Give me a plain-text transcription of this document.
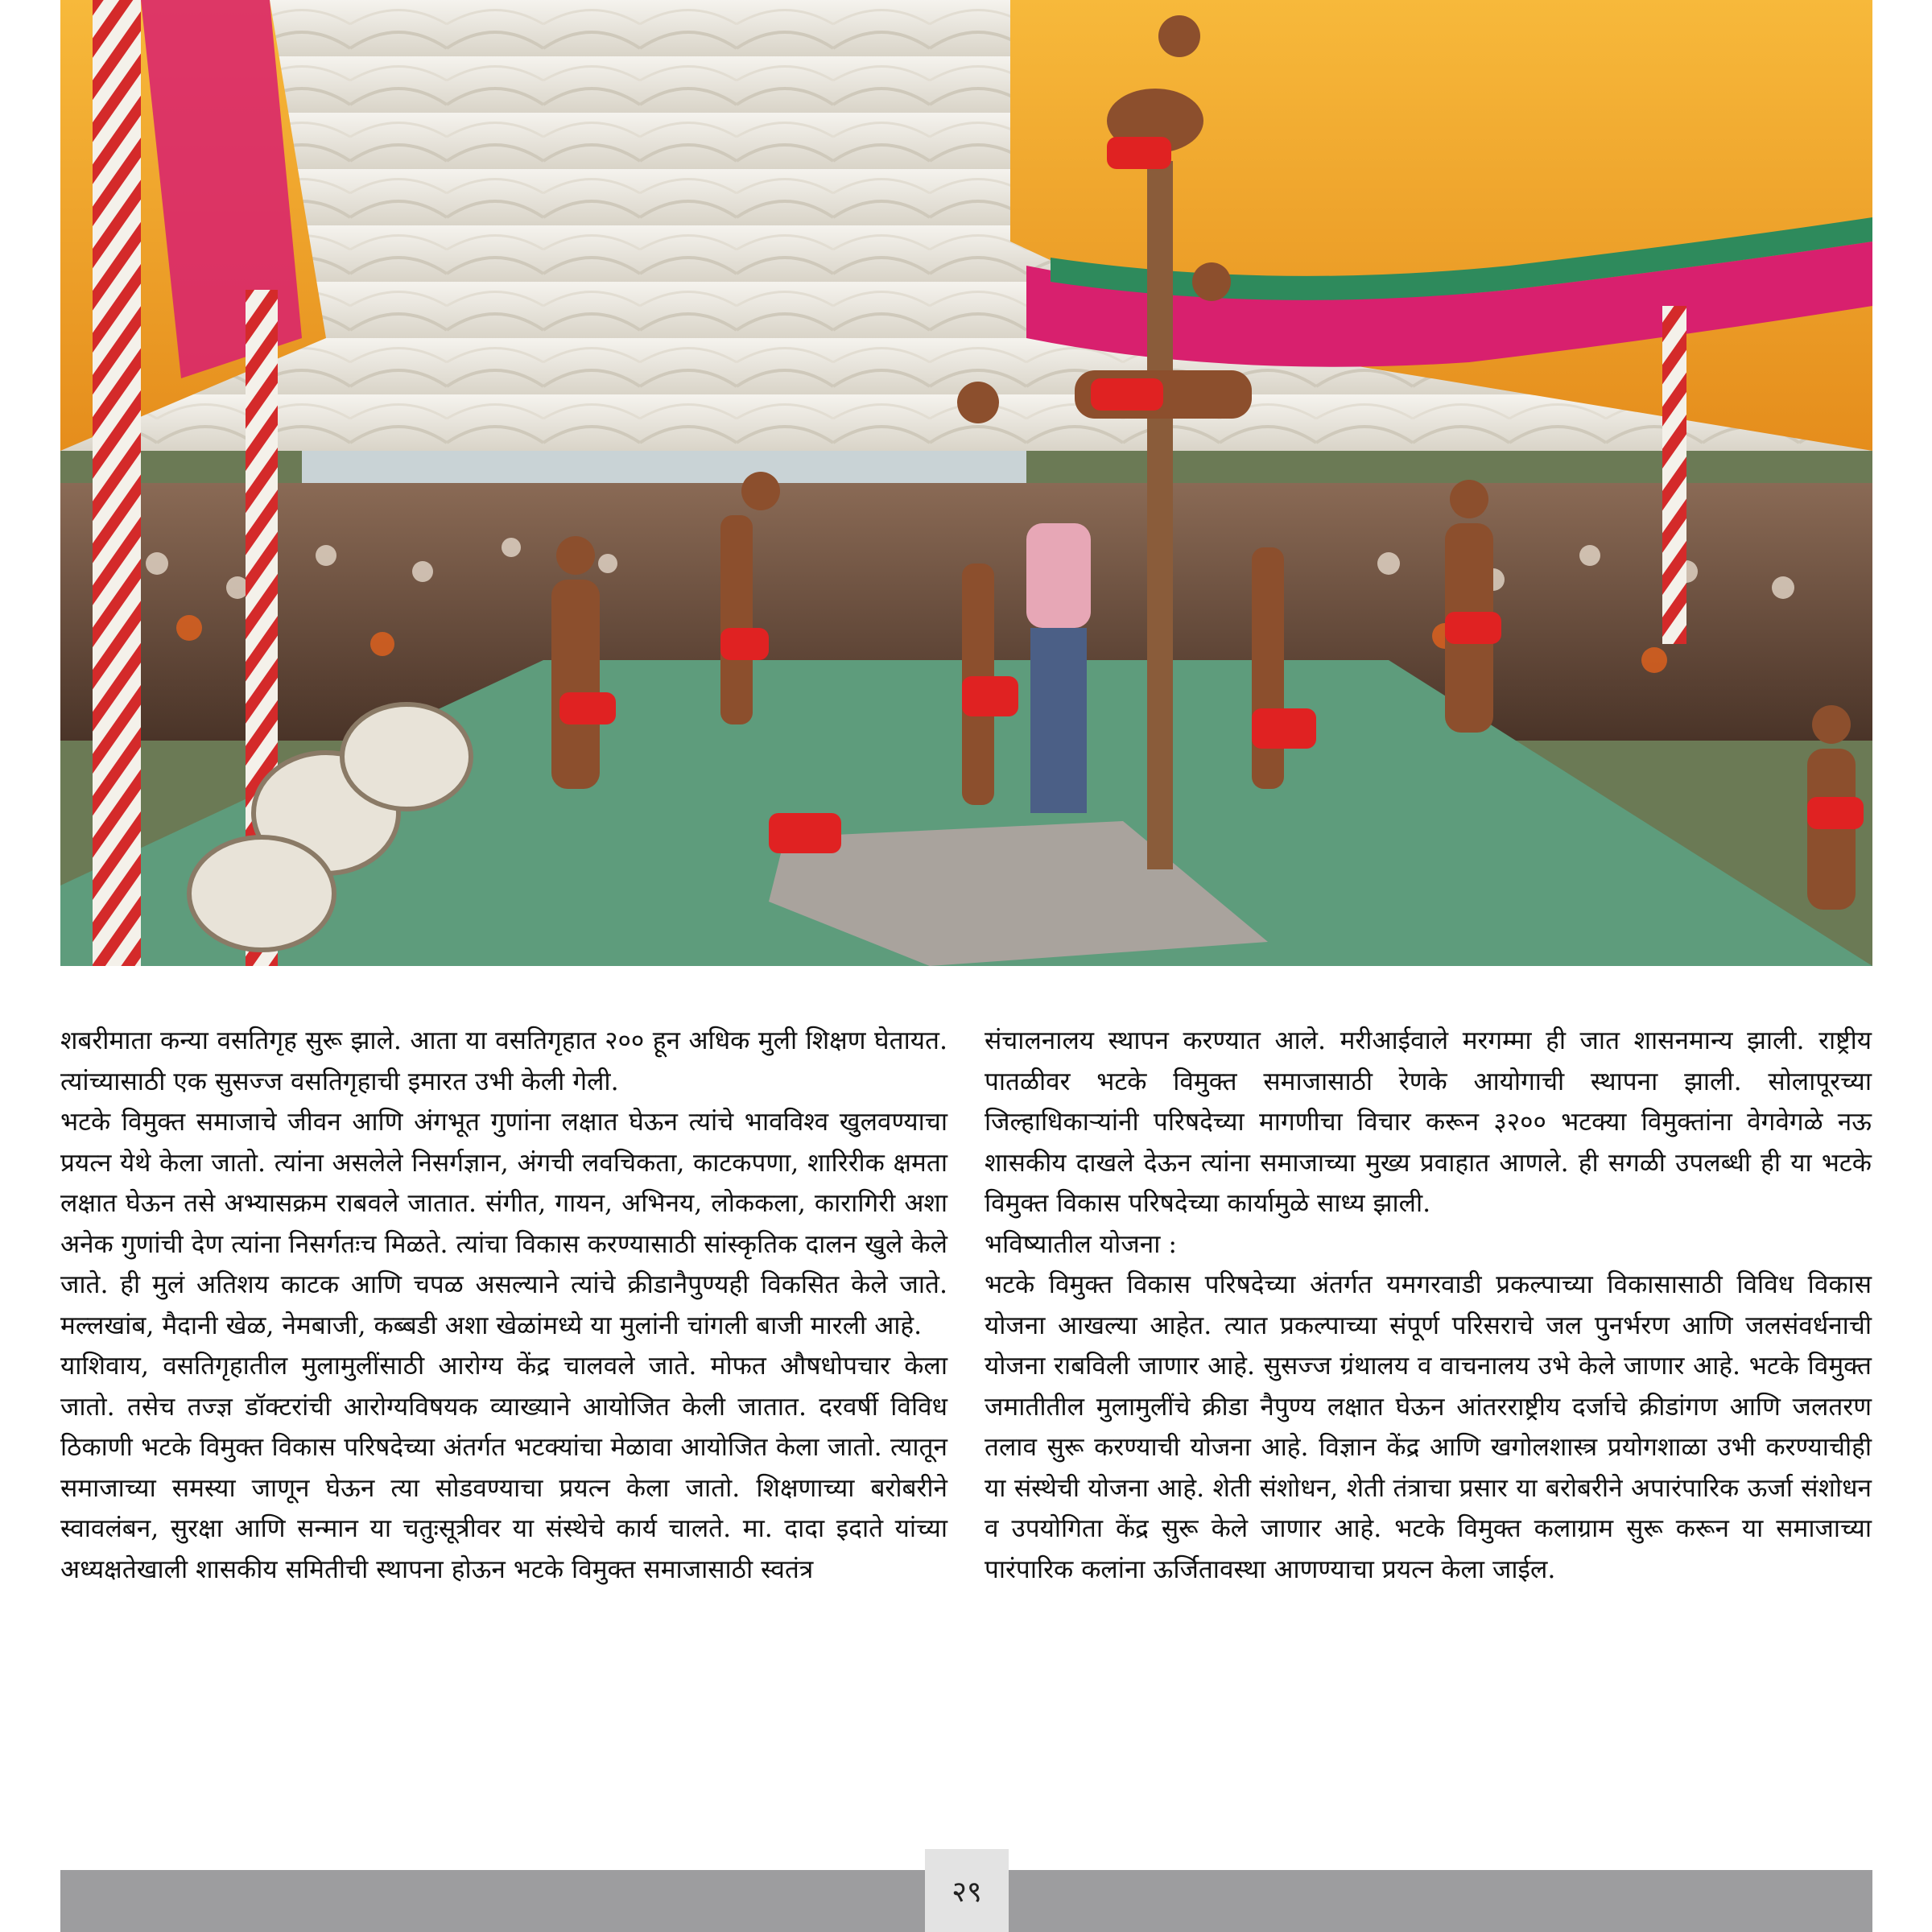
शबरीमाता कन्या वसतिगृह सुरू झाले. आता या वसतिगृहात २०० हून अधिक मुली शिक्षण घेतायत. त्यांच्यासाठी एक सुसज्ज वसतिगृहाची इमारत उभी केली गेली.

भटके विमुक्त समाजाचे जीवन आणि अंगभूत गुणांना लक्षात घेऊन त्यांचे भावविश्व खुलवण्याचा प्रयत्न येथे केला जातो. त्यांना असलेले निसर्गज्ञान, अंगची लवचिकता, काटकपणा, शारिरीक क्षमता लक्षात घेऊन तसे अभ्यासक्रम राबवले जातात. संगीत, गायन, अभिनय, लोककला, कारागिरी अशा अनेक गुणांची देण त्यांना निसर्गतःच मिळते. त्यांचा विकास करण्यासाठी सांस्कृतिक दालन खुले केले जाते. ही मुलं अतिशय काटक आणि चपळ असल्याने त्यांचे क्रीडानैपुण्यही विकसित केले जाते. मल्लखांब, मैदानी खेळ, नेमबाजी, कब्बडी अशा खेळांमध्ये या मुलांनी चांगली बाजी मारली आहे.

याशिवाय, वसतिगृहातील मुलामुलींसाठी आरोग्य केंद्र चालवले जाते. मोफत औषधोपचार केला जातो. तसेच तज्ज्ञ डॉक्टरांची आरोग्यविषयक व्याख्याने आयोजित केली जातात. दरवर्षी विविध ठिकाणी भटके विमुक्त विकास परिषदेच्या अंतर्गत भटक्यांचा मेळावा आयोजित केला जातो. त्यातून समाजाच्या समस्या जाणून घेऊन त्या सोडवण्याचा प्रयत्न केला जातो. शिक्षणाच्या बरोबरीने स्वावलंबन, सुरक्षा आणि सन्मान या चतुःसूत्रीवर या संस्थेचे कार्य चालते. मा. दादा इदाते यांच्या अध्यक्षतेखाली शासकीय समितीची स्थापना होऊन भटके विमुक्त समाजासाठी स्वतंत्र

संचालनालय स्थापन करण्यात आले. मरीआईवाले मरगम्मा ही जात शासनमान्य झाली. राष्ट्रीय पातळीवर भटके विमुक्त समाजासाठी रेणके आयोगाची स्थापना झाली. सोलापूरच्या जिल्हाधिकाऱ्यांनी परिषदेच्या मागणीचा विचार करून ३२०० भटक्या विमुक्तांना वेगवेगळे नऊ शासकीय दाखले देऊन त्यांना समाजाच्या मुख्य प्रवाहात आणले. ही सगळी उपलब्धी ही या भटके विमुक्त विकास परिषदेच्या कार्यामुळे साध्य झाली.

भविष्यातील योजना :

भटके विमुक्त विकास परिषदेच्या अंतर्गत यमगरवाडी प्रकल्पाच्या विकासासाठी विविध विकास योजना आखल्या आहेत. त्यात प्रकल्पाच्या संपूर्ण परिसराचे जल पुनर्भरण आणि जलसंवर्धनाची योजना राबविली जाणार आहे. सुसज्ज ग्रंथालय व वाचनालय उभे केले जाणार आहे. भटके विमुक्त जमातीतील मुलामुलींचे क्रीडा नैपुण्य लक्षात घेऊन आंतरराष्ट्रीय दर्जाचे क्रीडांगण आणि जलतरण तलाव सुरू करण्याची योजना आहे. विज्ञान केंद्र आणि खगोलशास्त्र प्रयोगशाळा उभी करण्याचीही या संस्थेची योजना आहे. शेती संशोधन, शेती तंत्राचा प्रसार या बरोबरीने अपारंपारिक ऊर्जा संशोधन व उपयोगिता केंद्र सुरू केले जाणार आहे. भटके विमुक्त कलाग्राम सुरू करून या समाजाच्या पारंपारिक कलांना ऊर्जितावस्था आणण्याचा प्रयत्न केला जाईल.

२९
